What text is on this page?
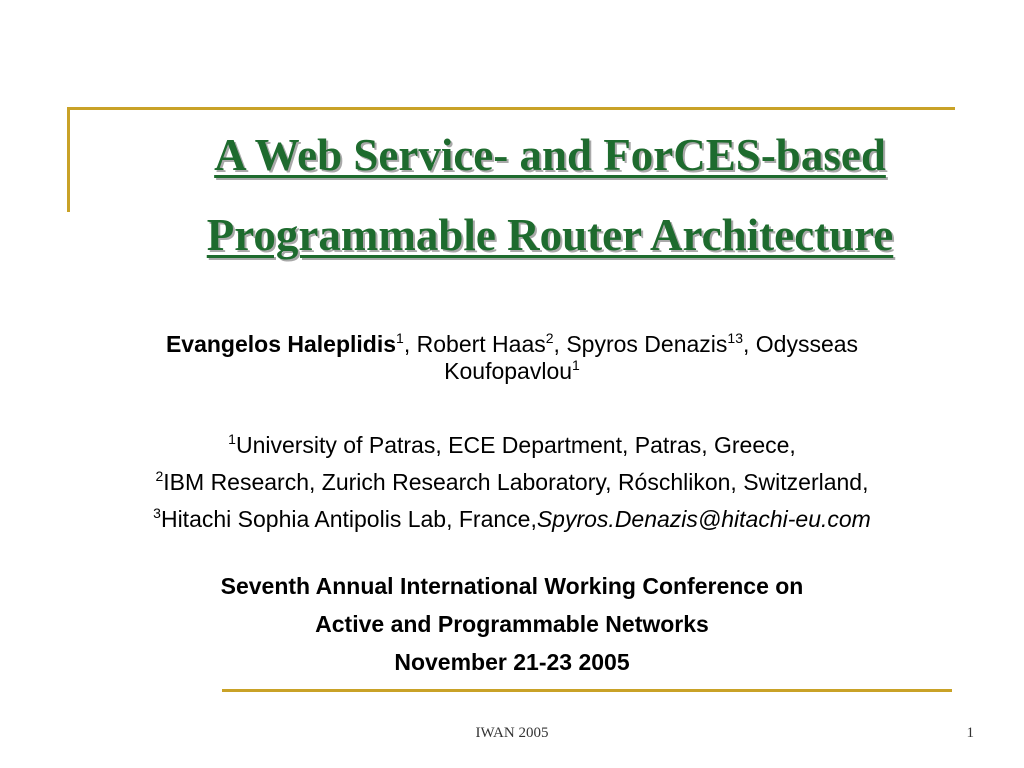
A Web Service- and ForCES-based
Programmable Router Architecture
Evangelos Haleplidis$^1$, Robert Haas$^2$, Spyros Denazis$^{13}$, Odysseas
Koufopavlou$^1$
$^1$University of Patras, ECE Department, Patras, Greece,
$^2$IBM Research, Zurich Research Laboratory, Róschlikon, Switzerland,
$^3$Hitachi Sophia Antipolis Lab, France,Spyros.Denazis@hitachi-eu.com
Seventh Annual International Working Conference on
Active and Programmable Networks
November 21-23 2005
IWAN 2005	1
